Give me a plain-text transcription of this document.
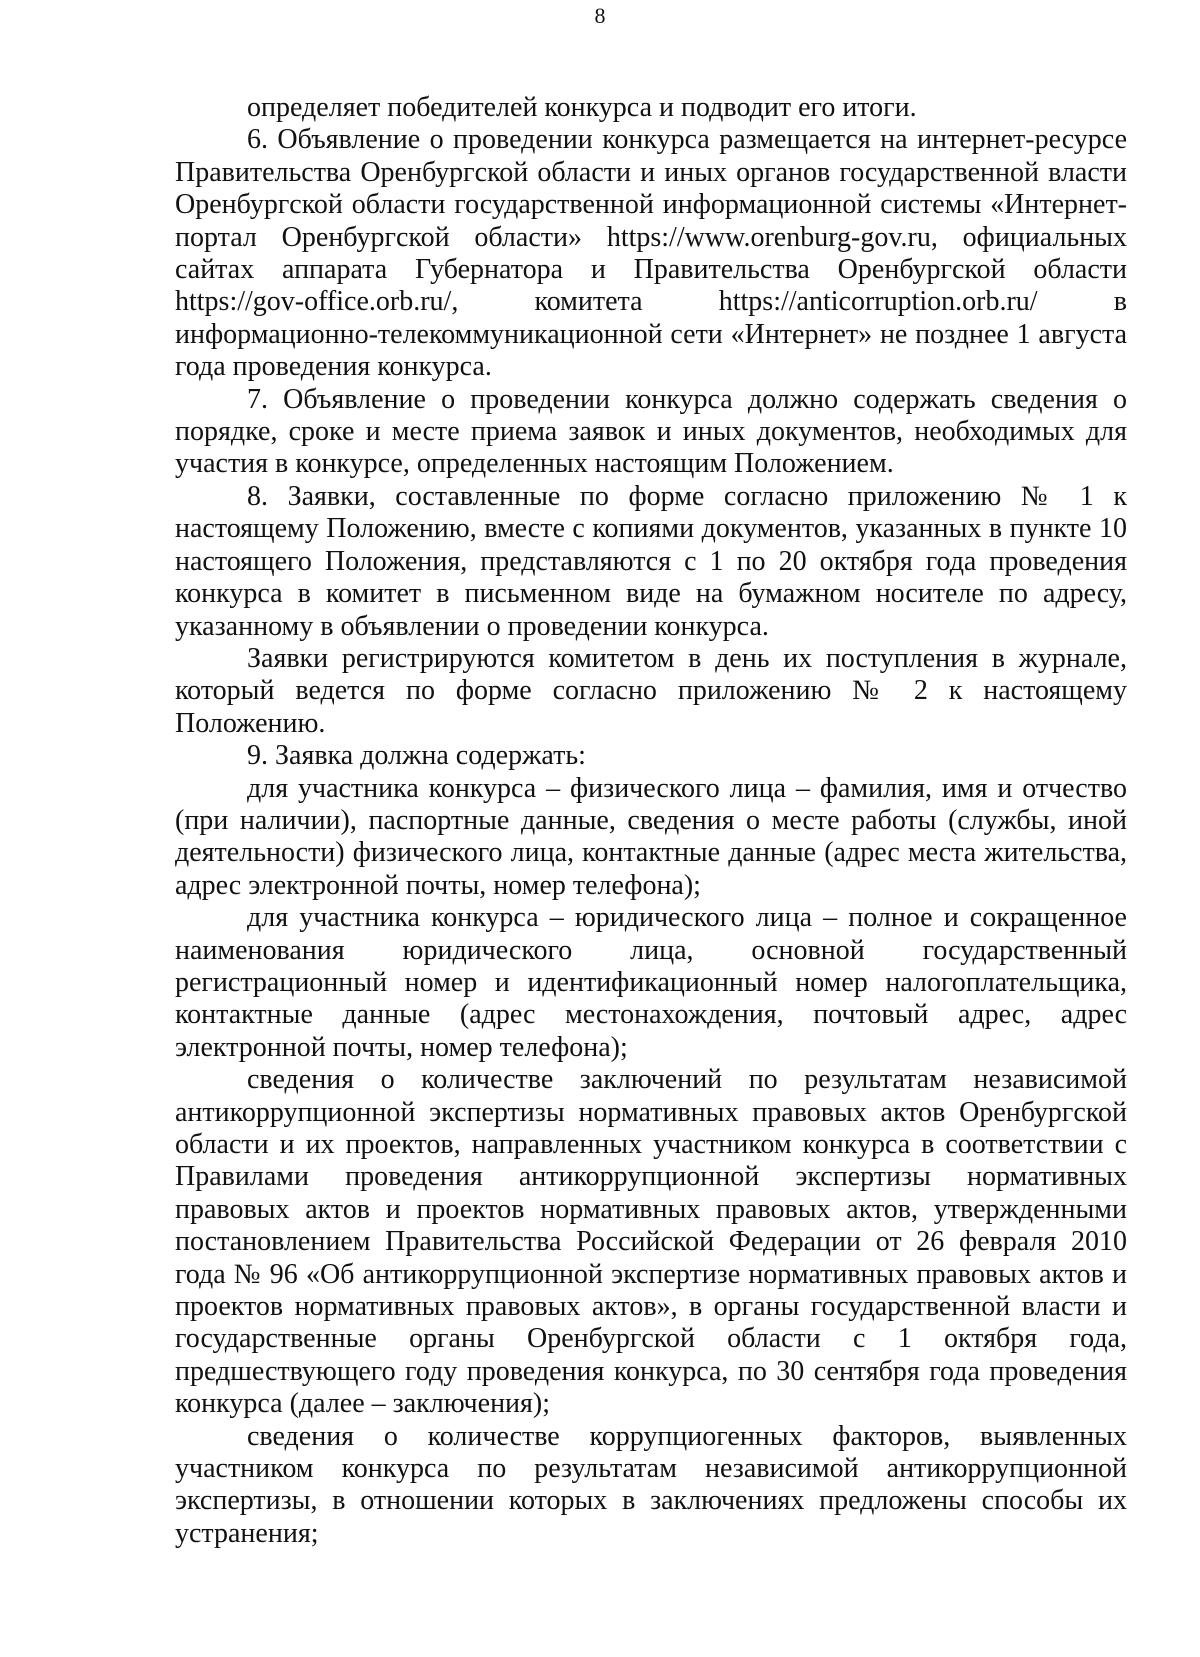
8

определяет победителей конкурса и подводит его итоги.

6. Объявление о проведении конкурса размещается на интернет-ресурсе Правительства Оренбургской области и иных органов государственной власти Оренбургской области государственной информационной системы «Интернет-портал Оренбургской области» https://www.orenburg-gov.ru, официальных сайтах аппарата Губернатора и Правительства Оренбургской области https://gov-office.orb.ru/, комитета https://anticorruption.orb.ru/ в информационно-телекоммуникационной сети «Интернет» не позднее 1 августа года проведения конкурса.

7. Объявление о проведении конкурса должно содержать сведения о порядке, сроке и месте приема заявок и иных документов, необходимых для участия в конкурсе, определенных настоящим Положением.

8. Заявки, составленные по форме согласно приложению № 1 к настоящему Положению, вместе с копиями документов, указанных в пункте 10 настоящего Положения, представляются с 1 по 20 октября года проведения конкурса в комитет в письменном виде на бумажном носителе по адресу, указанному в объявлении о проведении конкурса.

Заявки регистрируются комитетом в день их поступления в журнале, который ведется по форме согласно приложению № 2 к настоящему Положению.

9. Заявка должна содержать:

для участника конкурса – физического лица – фамилия, имя и отчество (при наличии), паспортные данные, сведения о месте работы (службы, иной деятельности) физического лица, контактные данные (адрес места жительства, адрес электронной почты, номер телефона);

для участника конкурса – юридического лица – полное и сокращенное наименования юридического лица, основной государственный регистрационный номер и идентификационный номер налогоплательщика, контактные данные (адрес местонахождения, почтовый адрес, адрес электронной почты, номер телефона);

сведения о количестве заключений по результатам независимой антикоррупционной экспертизы нормативных правовых актов Оренбургской области и их проектов, направленных участником конкурса в соответствии с Правилами проведения антикоррупционной экспертизы нормативных правовых актов и проектов нормативных правовых актов, утвержденными постановлением Правительства Российской Федерации от 26 февраля 2010 года № 96 «Об антикоррупционной экспертизе нормативных правовых актов и проектов нормативных правовых актов», в органы государственной власти и государственные органы Оренбургской области с 1 октября года, предшествующего году проведения конкурса, по 30 сентября года проведения конкурса (далее – заключения);

сведения о количестве коррупциогенных факторов, выявленных участником конкурса по результатам независимой антикоррупционной экспертизы, в отношении которых в заключениях предложены способы их устранения;
